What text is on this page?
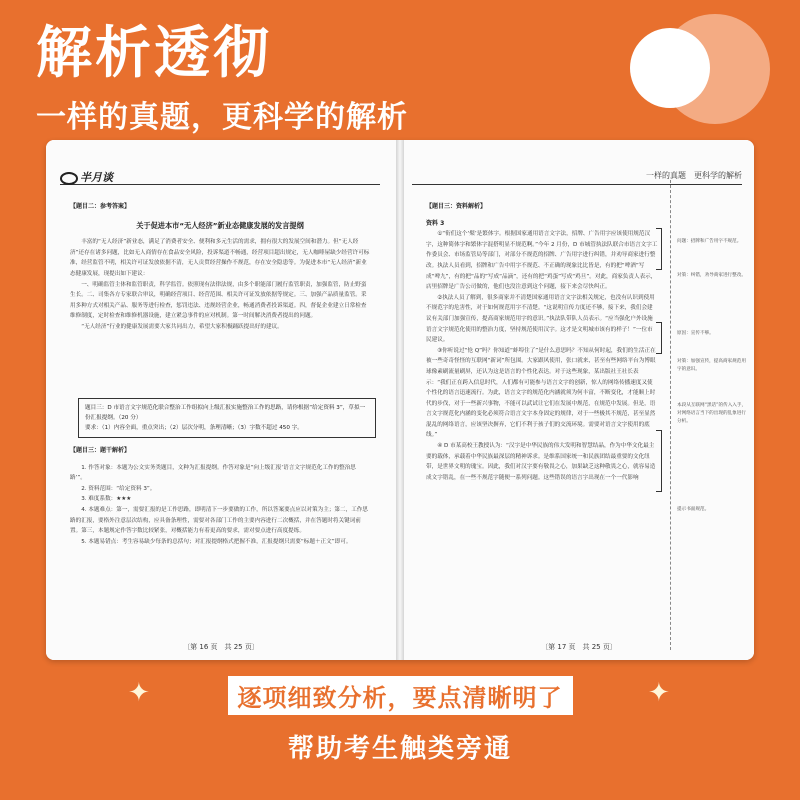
解析透彻
一样的真题，更科学的解析
半月谈
【题目二：参考答案】
关于促进本市“无人经济”新业态健康发展的发言提纲
丰富的“无人经济”新业态，满足了消费者安全、便利和多元生活的需求，拥有很大的发展空间和潜力。但“无人经济”还存在诸多问题，比如无人商情存在食品安全风险，投诉渠道不畅通，经营项目超出规定，无人咖啡屋缺少经营许可标准，经营监管不明，相关许可证发放依据不清，无人贡贸经营操作不规范，存在安全隐患等。为促进本市“无人经济”新业态健康发展，现提出如下建议：
一、明确监管主体和监管职责，科学监管。依照现有法律法规，由多个职能部门履行监管职责，加强监管，防止野蛮生长。二、司集各方专家联合审议，明确经营项目、经营范围、相关许可证发放依据等规定。三、加强产品质量监管。采用多种方式对相关产品、服务等进行检查，惩罚违法、违规经营企业，畅通消费者投诉渠道。四，督促企业建立日常检查维修制度，定时检查和维修机器设施，建立紧急事件的应对机制。第一时间解决消费者提出的问题。
“无人经济”行业的健康发展需要大家共同出力，希望大家积极踊跃提出好的建议。
题目三：D 市语言文字规范化联合整治工作组拟向上级汇报实施整治工作的思路，请你根据“给定资料 3”，草拟一份汇报提纲。（20 分）
要求：（1）内容全面，重点突出；（2）层次分明，条理清晰；（3）字数不超过 450 字。
【题目三：题干解析】
1. 作答对象：本题为公文实务类题目，文种为汇报提纲。作答对象是“向上级汇报‘语言文字规范化工作的整治思路’”。
2. 资料范围：“给定资料 3”。
3. 难度系数：★★★
4. 本题难点：第一，需要汇报的是工作思路，即明清下一步要做的工作，所以答案要点应以对策为主；第二，工作思路的汇报，要格外注意层次结构，应具备条理性，需要对各部门工作的主要内容进行二次概括，并在答题时将关键词前置。第三，本题规定作答字数比较紧张，对概括能力有着更高的要求，需对要点进行高度提练。
5. 本题易错点：考生容易缺少每条的总括句；对汇报提纲格式把握不准，汇报提纲只需要“标题＋正文”即可。
〔第 16 页　共 25 页〕
一样的真题　更科学的解析
【题目三：资料解析】
资料 3
①“衔们这个‘檗’是繁体字。根据国家通用语言文字法，招牌、广告用字应该使用规范汉字，这种简体字和繁体字混搭明显不规范啊。”今年 2 月份，D 市城管执法队联合市语言文字工作委员会、市场监管局等部门，对部分不规范的招牌、广告用字进行纠错，并劝导商家进行整改。执法人员看到，招牌和广告中用字不规范、不正确的现象比比皆是，有的把“啤酒”写成“啤九”，有的把“品的”写成“品滴”，还有的把“鸡蛋”写成“鸡旦”。对此，商家负责人表示，店里招牌是广告公司做的，他们也没注意到这个问题，接下来会尽快纠正。
②执法人员了解到，很多商家并不清楚国家通用语言文字法相关规定，也没有认识到使用不规范字的危害性，对于如何规范用字不清楚。“这说明宣传力度还不够，接下来，我们会建议有关部门加强宣传，提高商家规范用字的意识。”执法队带队人员表示。“应当强化户外设施语言文字规范化使用的整治力度，坚持规范使用汉字。这才是文明城市该有的样子！”一位市民建议。
③你听说过“怆 Q”吗？你知道“蚌埠住了”是什么意思吗？不知从何时起，我们的生活正在被一些奇奇怪怪的互联网“新词”所包围。大家跟风使用，张口就来，甚至有些网络平台为博眼球像素刷流量刷屏，还认为这是语言的个性化表达。对于这些现象，某出版社王社长表示：“我们正在跨入信息时代，人们都有可能参与语言文字的创新，惊人的网络传播速度又使个性化的语言迅速流行。为此，语言文字的规范化内涵就须为何丰富，不断变化，才能顺上时代的步伐，对于一些新兴事物，不能可以武试让它们在发展中规范，在规范中发展。但是，语言文字规范化内涵的变化必须符合语言文字本身固定的规律，对于一些极其不规范，甚至显然混乱的网络语言，应该坚决摒弃，它们不利于孩子们的交流环境。需要对语言文字使用的底线。”
④ D 市某高校王教授认为：“汉字是中华民族的伟大发明和智慧结晶，作为中华文化最主要的载体，承载着中华民族最深层的精神诉求。是维系国家统一和民族团结最重要的文化纽带，是世界文明的瑰宝。因此，我们对汉字要有敬畏之心，加果缺乏这种敬畏之心，就容易造成文字错乱，在一些不规范字随便一系列问题。这些错误的语言字出现在一个一代影响
问题：招牌和广告用字不规范。
对策：纠错，劝导商家进行整改。
原因：宣传不够。
对策：加强宣传，提高商家规范用字的意识。
本段从互联网“黑话”的传入入手，对网络语言当下的出现的乱象进行分析。
提示书面规范。
〔第 17 页　共 25 页〕
✦	✦
逐项细致分析，要点清晰明了
帮助考生触类旁通
